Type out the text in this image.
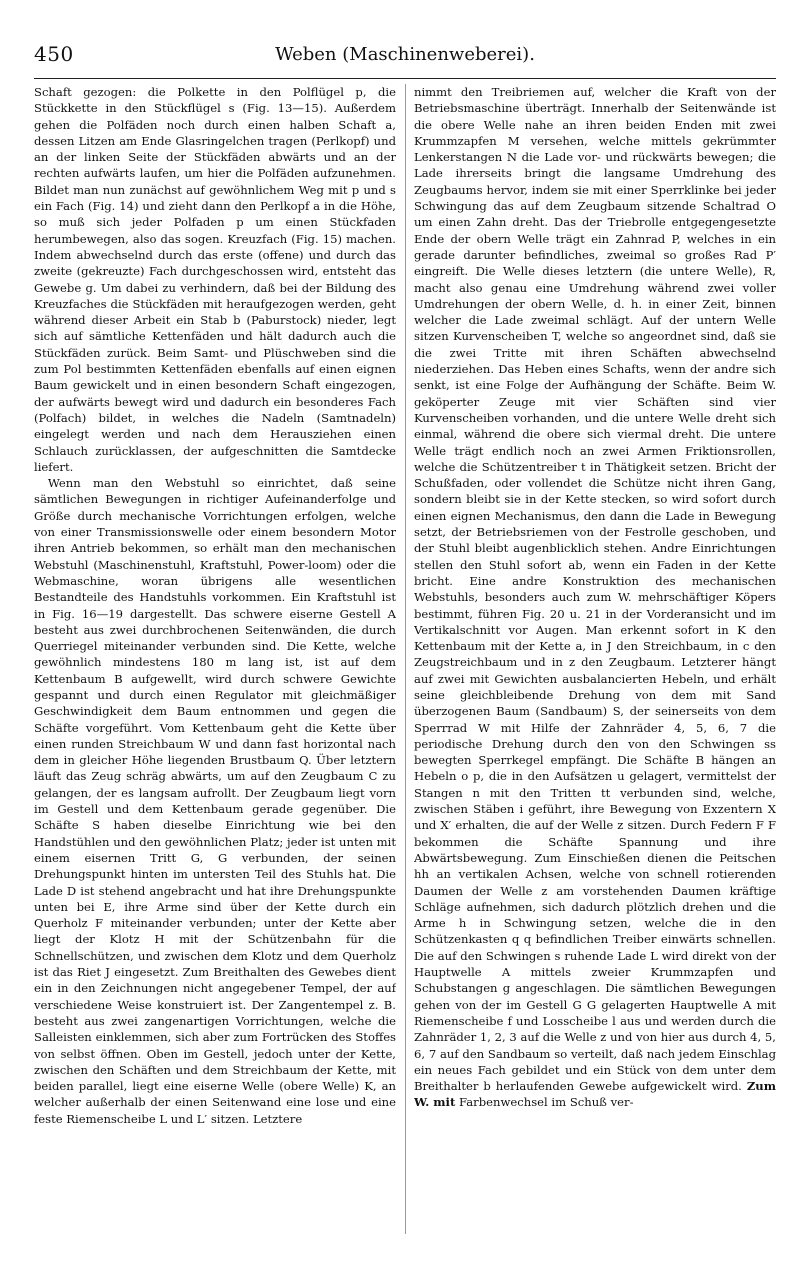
450	Weben (Maschinenweberei).

Schaft gezogen: die Polkette in den Polflügel p, die Stückkette in den Stückflügel s (Fig. 13—15). Außerdem gehen die Polfäden noch durch einen halben Schaft a, dessen Litzen am Ende Glasringelchen tragen (Perlkopf) und an der linken Seite der Stückfäden abwärts und an der rechten aufwärts laufen, um hier die Polfäden aufzunehmen. Bildet man nun zunächst auf gewöhnlichem Weg mit p und s ein Fach (Fig. 14) und zieht dann den Perlkopf a in die Höhe, so muß sich jeder Polfaden p um einen Stückfaden herumbewegen, also das sogen. Kreuzfach (Fig. 15) machen. Indem abwechselnd durch das erste (offene) und durch das zweite (gekreuzte) Fach durchgeschossen wird, entsteht das Gewebe g. Um dabei zu verhindern, daß bei der Bildung des Kreuzfaches die Stückfäden mit heraufgezogen werden, geht während dieser Arbeit ein Stab b (Paburstock) nieder, legt sich auf sämtliche Kettenfäden und hält dadurch auch die Stückfäden zurück. Beim Samt- und Plüschweben sind die zum Pol bestimmten Kettenfäden ebenfalls auf einen eignen Baum gewickelt und in einen besondern Schaft eingezogen, der aufwärts bewegt wird und dadurch ein besonderes Fach (Polfach) bildet, in welches die Nadeln (Samtnadeln) eingelegt werden und nach dem Herausziehen einen Schlauch zurücklassen, der aufgeschnitten die Samtdecke liefert.

Wenn man den Webstuhl so einrichtet, daß seine sämtlichen Bewegungen in richtiger Aufeinanderfolge und Größe durch mechanische Vorrichtungen erfolgen, welche von einer Transmissionswelle oder einem besondern Motor ihren Antrieb bekommen, so erhält man den mechanischen Webstuhl (Maschinenstuhl, Kraftstuhl, Power-loom) oder die Webmaschine, woran übrigens alle wesentlichen Bestandteile des Handstuhls vorkommen. Ein Kraftstuhl ist in Fig. 16—19 dargestellt. Das schwere eiserne Gestell A besteht aus zwei durchbrochenen Seitenwänden, die durch Querriegel miteinander verbunden sind. Die Kette, welche gewöhnlich mindestens 180 m lang ist, ist auf dem Kettenbaum B aufgewellt, wird durch schwere Gewichte gespannt und durch einen Regulator mit gleichmäßiger Geschwindigkeit dem Baum entnommen und gegen die Schäfte vorgeführt. Vom Kettenbaum geht die Kette über einen runden Streichbaum W und dann fast horizontal nach dem in gleicher Höhe liegenden Brustbaum Q. Über letztern läuft das Zeug schräg abwärts, um auf den Zeugbaum C zu gelangen, der es langsam aufrollt. Der Zeugbaum liegt vorn im Gestell und dem Kettenbaum gerade gegenüber. Die Schäfte S haben dieselbe Einrichtung wie bei den Handstühlen und den gewöhnlichen Platz; jeder ist unten mit einem eisernen Tritt G, G verbunden, der seinen Drehungspunkt hinten im untersten Teil des Stuhls hat. Die Lade D ist stehend angebracht und hat ihre Drehungspunkte unten bei E, ihre Arme sind über der Kette durch ein Querholz F miteinander verbunden; unter der Kette aber liegt der Klotz H mit der Schützenbahn für die Schnellschützen, und zwischen dem Klotz und dem Querholz ist das Riet J eingesetzt. Zum Breithalten des Gewebes dient ein in den Zeichnungen nicht angegebener Tempel, der auf verschiedene Weise konstruiert ist. Der Zangentempel z. B. besteht aus zwei zangenartigen Vorrichtungen, welche die Salleisten einklemmen, sich aber zum Fortrücken des Stoffes von selbst öffnen. Oben im Gestell, jedoch unter der Kette, zwischen den Schäften und dem Streichbaum der Kette, mit beiden parallel, liegt eine eiserne Welle (obere Welle) K, an welcher außerhalb der einen Seitenwand eine lose und eine feste Riemenscheibe L und L′ sitzen. Letztere

nimmt den Treibriemen auf, welcher die Kraft von der Betriebsmaschine überträgt. Innerhalb der Seitenwände ist die obere Welle nahe an ihren beiden Enden mit zwei Krummzapfen M versehen, welche mittels gekrümmter Lenkerstangen N die Lade vor- und rückwärts bewegen; die Lade ihrerseits bringt die langsame Umdrehung des Zeugbaums hervor, indem sie mit einer Sperrklinke bei jeder Schwingung das auf dem Zeugbaum sitzende Schaltrad O um einen Zahn dreht. Das der Triebrolle entgegengesetzte Ende der obern Welle trägt ein Zahnrad P, welches in ein gerade darunter befindliches, zweimal so großes Rad P′ eingreift. Die Welle dieses letztern (die untere Welle), R, macht also genau eine Umdrehung während zwei voller Umdrehungen der obern Welle, d. h. in einer Zeit, binnen welcher die Lade zweimal schlägt. Auf der untern Welle sitzen Kurvenscheiben T, welche so angeordnet sind, daß sie die zwei Tritte mit ihren Schäften abwechselnd niederziehen. Das Heben eines Schafts, wenn der andre sich senkt, ist eine Folge der Aufhängung der Schäfte. Beim W. geköperter Zeuge mit vier Schäften sind vier Kurvenscheiben vorhanden, und die untere Welle dreht sich einmal, während die obere sich viermal dreht. Die untere Welle trägt endlich noch an zwei Armen Friktionsrollen, welche die Schützentreiber t in Thätigkeit setzen. Bricht der Schußfaden, oder vollendet die Schütze nicht ihren Gang, sondern bleibt sie in der Kette stecken, so wird sofort durch einen eignen Mechanismus, den dann die Lade in Bewegung setzt, der Betriebsriemen von der Festrolle geschoben, und der Stuhl bleibt augenblicklich stehen. Andre Einrichtungen stellen den Stuhl sofort ab, wenn ein Faden in der Kette bricht. Eine andre Konstruktion des mechanischen Webstuhls, besonders auch zum W. mehrschäftiger Köpers bestimmt, führen Fig. 20 u. 21 in der Vorderansicht und im Vertikalschnitt vor Augen. Man erkennt sofort in K den Kettenbaum mit der Kette a, in J den Streichbaum, in c den Zeugstreichbaum und in z den Zeugbaum. Letzterer hängt auf zwei mit Gewichten ausbalancierten Hebeln, und erhält seine gleichbleibende Drehung von dem mit Sand überzogenen Baum (Sandbaum) S, der seinerseits von dem Sperrrad W mit Hilfe der Zahnräder 4, 5, 6, 7 die periodische Drehung durch den von den Schwingen ss bewegten Sperrkegel empfängt. Die Schäfte B hängen an Hebeln o p, die in den Aufsätzen u gelagert, vermittelst der Stangen n mit den Tritten tt verbunden sind, welche, zwischen Stäben i geführt, ihre Bewegung von Exzentern X und X′ erhalten, die auf der Welle z sitzen. Durch Federn F F bekommen die Schäfte Spannung und ihre Abwärtsbewegung. Zum Einschießen dienen die Peitschen hh an vertikalen Achsen, welche von schnell rotierenden Daumen der Welle z am vorstehenden Daumen kräftige Schläge aufnehmen, sich dadurch plötzlich drehen und die Arme h in Schwingung setzen, welche die in den Schützenkasten q q befindlichen Treiber einwärts schnellen. Die auf den Schwingen s ruhende Lade L wird direkt von der Hauptwelle A mittels zweier Krummzapfen und Schubstangen g angeschlagen. Die sämtlichen Bewegungen gehen von der im Gestell G G gelagerten Hauptwelle A mit Riemenscheibe f und Losscheibe l aus und werden durch die Zahnräder 1, 2, 3 auf die Welle z und von hier aus durch 4, 5, 6, 7 auf den Sandbaum so verteilt, daß nach jedem Einschlag ein neues Fach gebildet und ein Stück von dem unter dem Breithalter b herlaufenden Gewebe aufgewickelt wird. Zum W. mit Farbenwechsel im Schuß ver-
